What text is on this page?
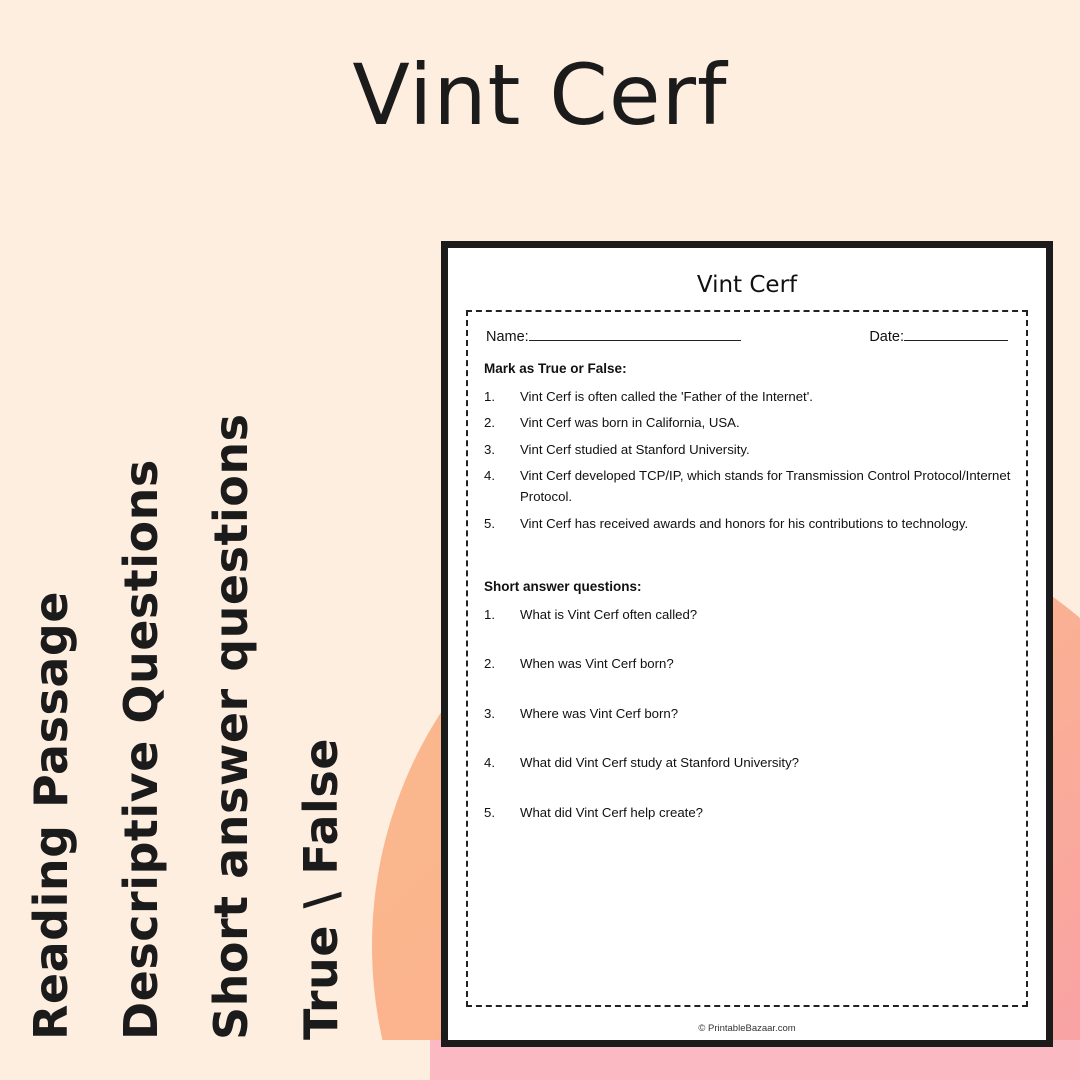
Vint Cerf
Reading Passage Descriptive Questions Short answer questions True \ False
Vint Cerf
Name:	Date:
Mark as True or False:
1. Vint Cerf is often called the 'Father of the Internet'.
2. Vint Cerf was born in California, USA.
3. Vint Cerf studied at Stanford University.
4. Vint Cerf developed TCP/IP, which stands for Transmission Control Protocol/Internet Protocol.
5. Vint Cerf has received awards and honors for his contributions to technology.
Short answer questions:
1. What is Vint Cerf often called?
2. When was Vint Cerf born?
3. Where was Vint Cerf born?
4. What did Vint Cerf study at Stanford University?
5. What did Vint Cerf help create?
© PrintableBazaar.com
